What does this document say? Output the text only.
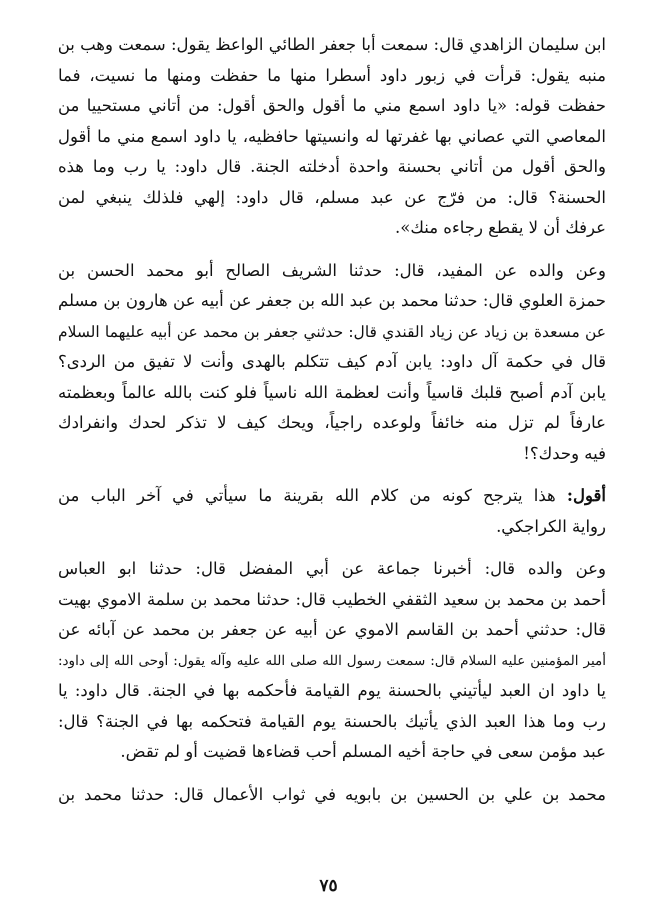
ابن سليمان الزاهدي قال: سمعت أبا جعفر الطائي الواعظ يقول: سمعت وهب بن
منبه يقول: قرأت في زبور داود أسطرا منها ما حفظت ومنها ما نسيت، فما
حفظت قوله: «يا داود اسمع مني ما أقول والحق أقول: من أتاني مستحييا من
المعاصي التي عصاني بها غفرتها له وانسيتها حافظيه، يا داود اسمع مني ما أقول
والحق أقول من أتاني بحسنة واحدة أدخلته الجنة. قال داود: يا رب وما هذه
الحسنة؟ قال: من فرّج عن عبد مسلم، قال داود: إلهي فلذلك ينبغي لمن
عرفك أن لا يقطع رجاءه منك».

وعن والده عن المفيد، قال: حدثنا الشريف الصالح أبو محمد الحسن بن
حمزة العلوي قال: حدثنا محمد بن عبد الله بن جعفر عن أبيه عن هارون بن مسلم
عن مسعدة بن زياد عن زياد القندي قال: حدثني جعفر بن محمد عن أبيه عليهما السلام
قال في حكمة آل داود: يابن آدم كيف تتكلم بالهدى وأنت لا تفيق من الردى؟
يابن آدم أصبح قلبك قاسياً وأنت لعظمة الله ناسياً فلو كنت بالله عالماً وبعظمته
عارفاً لم تزل منه خائفاً ولوعده راجياً، ويحك كيف لا تذكر لحدك وانفرادك
فيه وحدك؟!

أقول: هذا يترجح كونه من كلام الله بقرينة ما سيأتي في آخر الباب من
رواية الكراجكي.

وعن والده قال: أخبرنا جماعة عن أبي المفضل قال: حدثنا ابو العباس
أحمد بن محمد بن سعيد الثقفي الخطيب قال: حدثنا محمد بن سلمة الاموي بهيت
قال: حدثني أحمد بن القاسم الاموي عن أبيه عن جعفر بن محمد عن آبائه عن
أمير المؤمنين عليه السلام قال: سمعت رسول الله صلى الله عليه وآله يقول: أوحى الله إلى داود:
يا داود ان العبد ليأتيني بالحسنة يوم القيامة فأحكمه بها في الجنة. قال داود: يا
رب وما هذا العبد الذي يأتيك بالحسنة يوم القيامة فتحكمه بها في الجنة؟ قال:
عبد مؤمن سعى في حاجة أخيه المسلم أحب قضاءها قضيت أو لم تقض.

محمد بن علي بن الحسين بن بابويه في ثواب الأعمال قال: حدثنا محمد بن

٧٥
